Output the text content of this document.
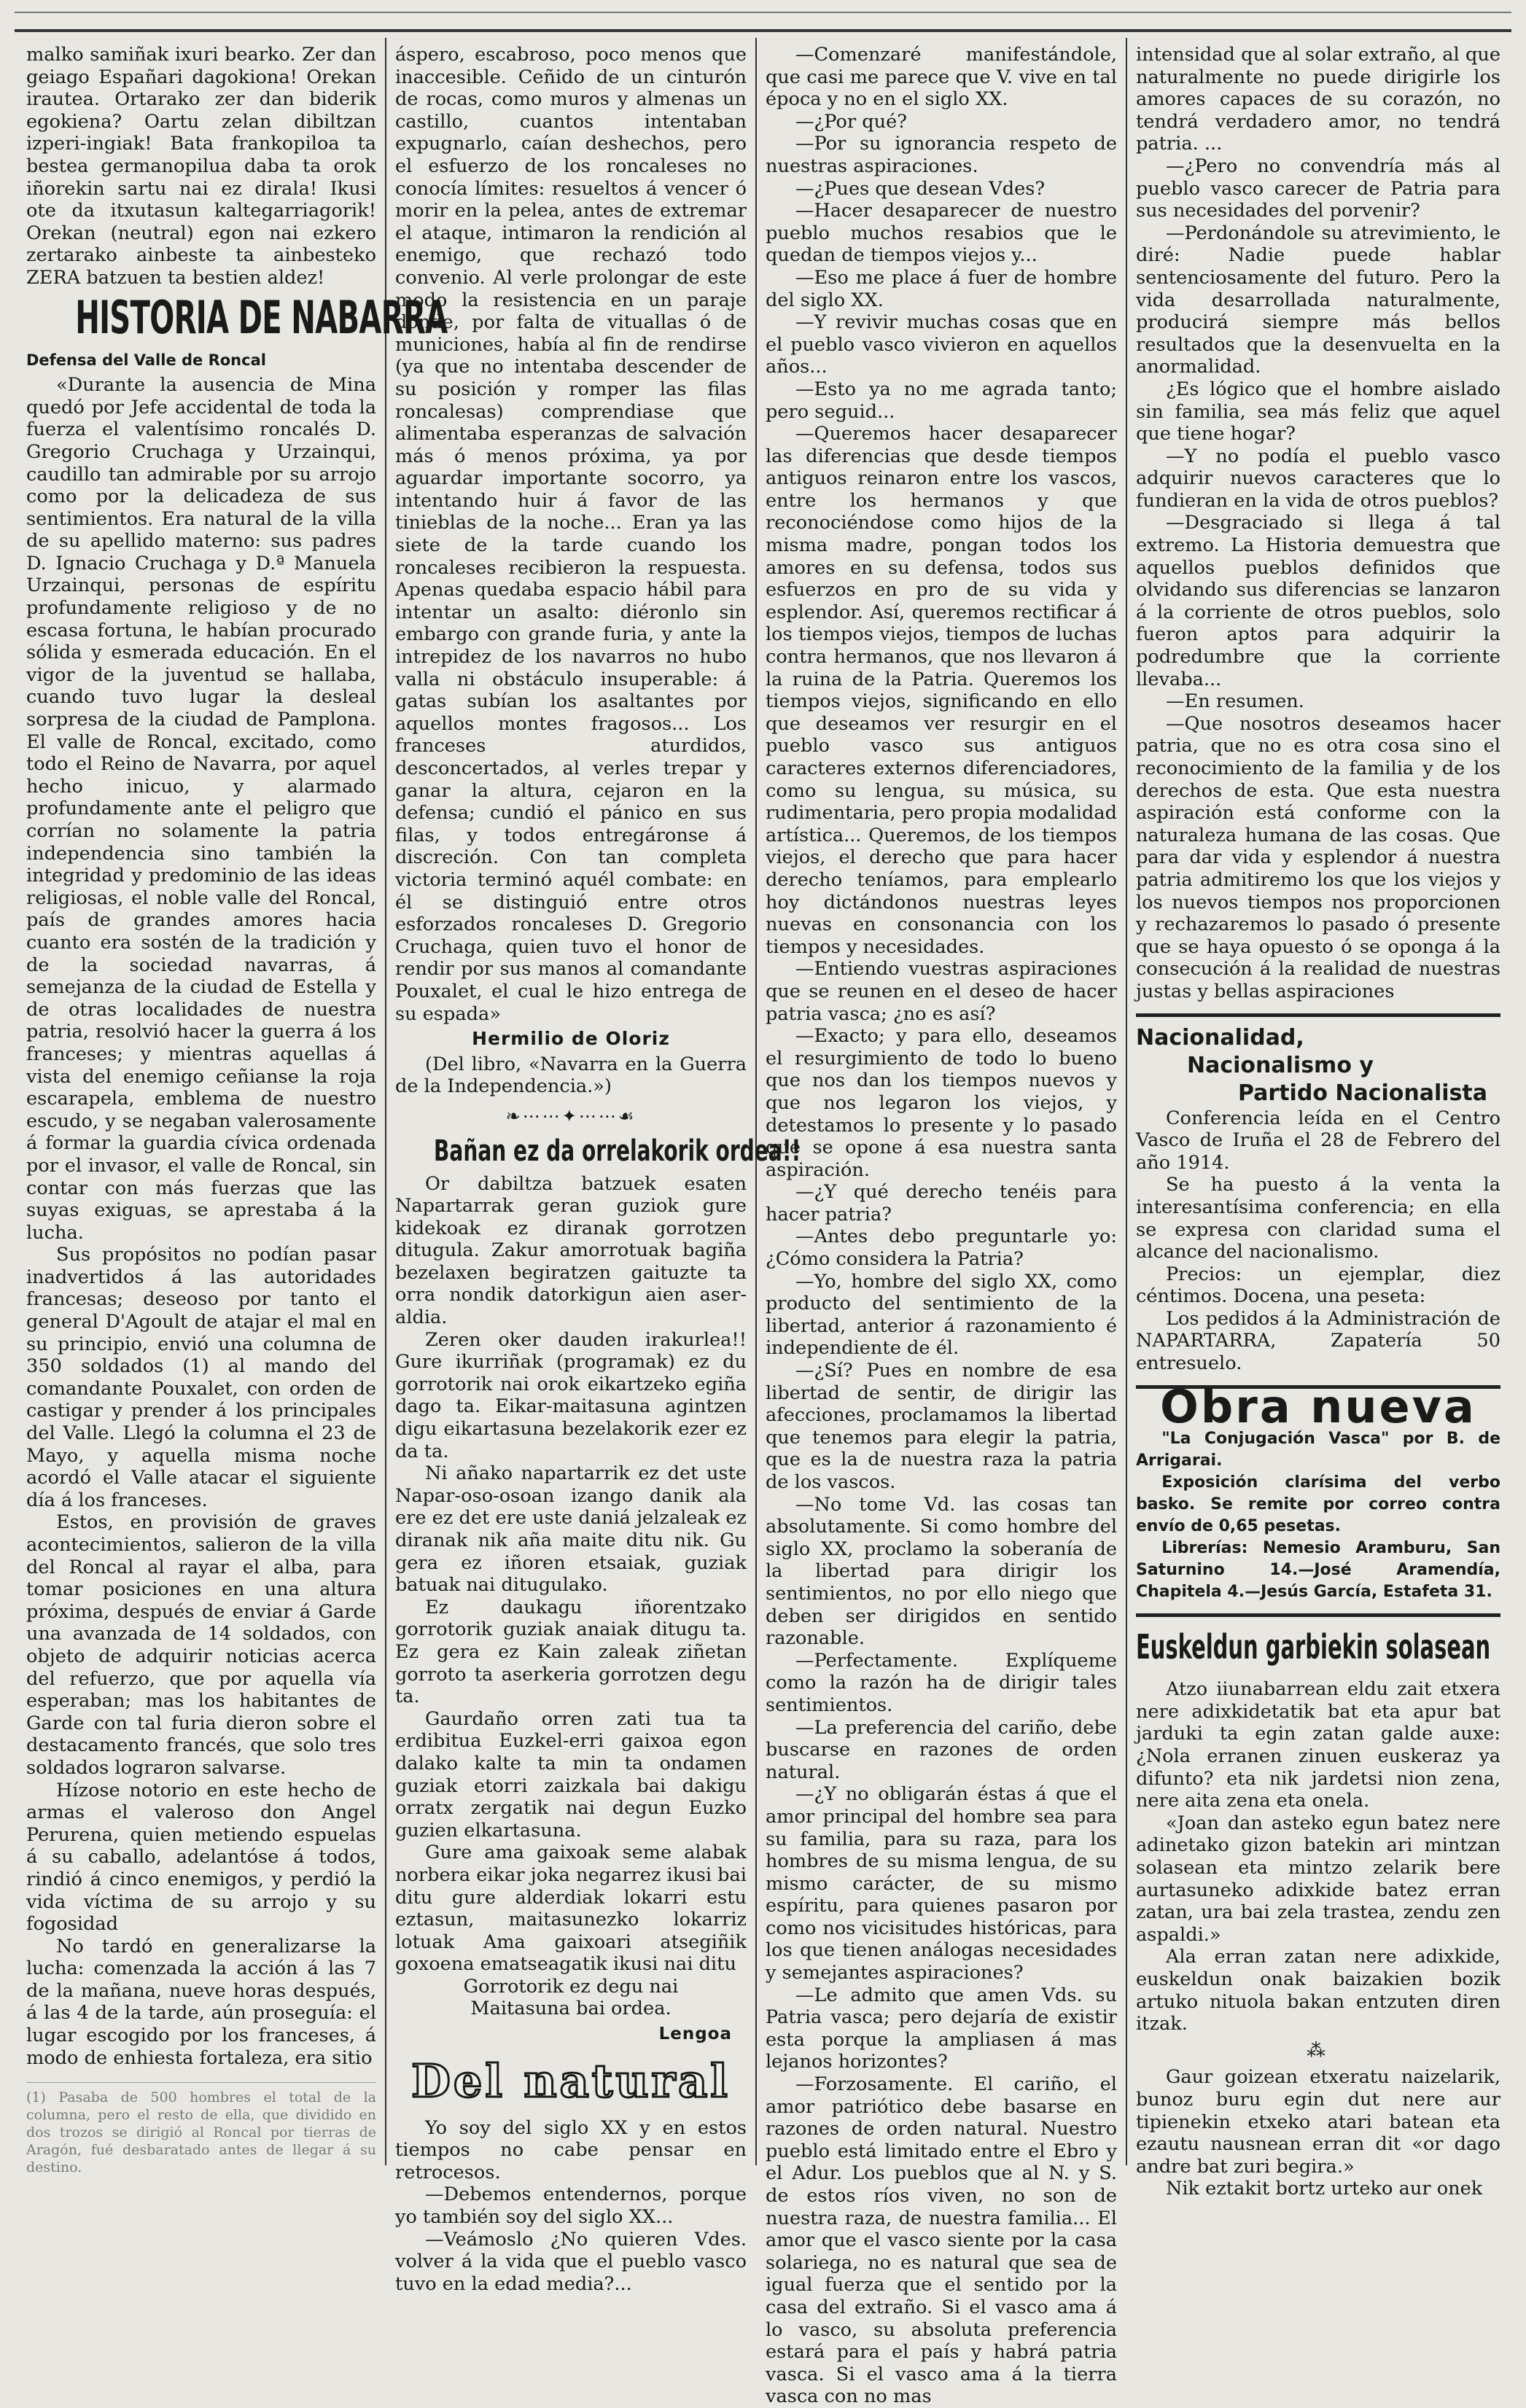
malko samiñak ixuri bearko. Zer dan geiago Españari dagokiona! Orekan irautea. Ortarako zer dan biderik egokiena? Oartu zelan dibiltzan izperi-ingiak! Bata frankopiloa ta bestea germanopilua daba ta orok iñorekin sartu nai ez dirala! Ikusi ote da itxutasun kaltegarriagorik! Orekan (neutral) egon nai ezkero zertarako ainbeste ta ainbesteko ZERA batzuen ta bestien aldez!

HISTORIA DE NABARRA
Defensa del Valle de Roncal

«Durante la ausencia de Mina quedó por Jefe accidental de toda la fuerza el valentísimo roncalés D. Gregorio Cruchaga y Urzainqui, caudillo tan admirable por su arrojo como por la delicadeza de sus sentimientos. Era natural de la villa de su apellido materno: sus padres D. Ignacio Cruchaga y D.ª Manuela Urzainqui, personas de espíritu profundamente religioso y de no escasa fortuna, le habían procurado sólida y esmerada educación. En el vigor de la juventud se hallaba, cuando tuvo lugar la desleal sorpresa de la ciudad de Pamplona. El valle de Roncal, excitado, como todo el Reino de Navarra, por aquel hecho inicuo, y alarmado profundamente ante el peligro que corrían no solamente la patria independencia sino también la integridad y predominio de las ideas religiosas, el noble valle del Roncal, país de grandes amores hacia cuanto era sostén de la tradición y de la sociedad navarras, á semejanza de la ciudad de Estella y de otras localidades de nuestra patria, resolvió hacer la guerra á los franceses; y mientras aquellas á vista del enemigo ceñianse la roja escarapela, emblema de nuestro escudo, y se negaban valerosamente á formar la guardia cívica ordenada por el invasor, el valle de Roncal, sin contar con más fuerzas que las suyas exiguas, se aprestaba á la lucha.

Sus propósitos no podían pasar inadvertidos á las autoridades francesas; deseoso por tanto el general D'Agoult de atajar el mal en su principio, envió una columna de 350 soldados (1) al mando del comandante Pouxalet, con orden de castigar y prender á los principales del Valle. Llegó la columna el 23 de Mayo, y aquella misma noche acordó el Valle atacar el siguiente día á los franceses.

Estos, en provisión de graves acontecimientos, salieron de la villa del Roncal al rayar el alba, para tomar posiciones en una altura próxima, después de enviar á Garde una avanzada de 14 soldados, con objeto de adquirir noticias acerca del refuerzo, que por aquella vía esperaban; mas los habitantes de Garde con tal furia dieron sobre el destacamento francés, que solo tres soldados lograron salvarse.

Hízose notorio en este hecho de armas el valeroso don Angel Perurena, quien metiendo espuelas á su caballo, adelantóse á todos, rindió á cinco enemigos, y perdió la vida víctima de su arrojo y su fogosidad

No tardó en generalizarse la lucha: comenzada la acción á las 7 de la mañana, nueve horas después, á las 4 de la tarde, aún proseguía: el lugar escogido por los franceses, á modo de enhiesta fortaleza, era sitio

(1) Pasaba de 500 hombres el total de la columna, pero el resto de ella, que dividido en dos trozos se dirigió al Roncal por tierras de Aragón, fué desbaratado antes de llegar á su destino.

áspero, escabroso, poco menos que inaccesible. Ceñido de un cinturón de rocas, como muros y almenas un castillo, cuantos intentaban expugnarlo, caían deshechos, pero el esfuerzo de los roncaleses no conocía límites: resueltos á vencer ó morir en la pelea, antes de extremar el ataque, intimaron la rendición al enemigo, que rechazó todo convenio. Al verle prolongar de este modo la resistencia en un paraje donde, por falta de vituallas ó de municiones, había al fin de rendirse (ya que no intentaba descender de su posición y romper las filas roncalesas) comprendiase que alimentaba esperanzas de salvación más ó menos próxima, ya por aguardar importante socorro, ya intentando huir á favor de las tinieblas de la noche... Eran ya las siete de la tarde cuando los roncaleses recibieron la respuesta. Apenas quedaba espacio hábil para intentar un asalto: diéronlo sin embargo con grande furia, y ante la intrepidez de los navarros no hubo valla ni obstáculo insuperable: á gatas subían los asaltantes por aquellos montes fragosos... Los franceses aturdidos, desconcertados, al verles trepar y ganar la altura, cejaron en la defensa; cundió el pánico en sus filas, y todos entregáronse á discreción. Con tan completa victoria terminó aquél combate: en él se distinguió entre otros esforzados roncaleses D. Gregorio Cruchaga, quien tuvo el honor de rendir por sus manos al comandante Pouxalet, el cual le hizo entrega de su espada»

Hermilio de Oloriz

(Del libro, «Navarra en la Guerra de la Independencia.»)

❧⋯⋯✦⋯⋯☙
Bañan ez da orrelakorik ordea!!

Or dabiltza batzuek esaten Napartarrak geran guziok gure kidekoak ez diranak gorrotzen ditugula. Zakur amorrotuak bagiña bezelaxen begiratzen gaituzte ta orra nondik datorkigun aien aser-aldia.

Zeren oker dauden irakurlea!! Gure ikurriñak (programak) ez du gorrotorik nai orok eikartzeko egiña dago ta. Eikar-maitasuna agintzen digu eikartasuna bezelakorik ezer ez da ta.

Ni añako napartarrik ez det uste Napar-oso-osoan izango danik ala ere ez det ere uste daniá jelzaleak ez diranak nik aña maite ditu nik. Gu gera ez iñoren etsaiak, guziak batuak nai ditugulako.

Ez daukagu iñorentzako gorrotorik guziak anaiak ditugu ta. Ez gera ez Kain zaleak ziñetan gorroto ta aserkeria gorrotzen degu ta.

Gaurdaño orren zati tua ta erdibitua Euzkel-erri gaixoa egon dalako kalte ta min ta ondamen guziak etorri zaizkala bai dakigu orratx zergatik nai degun Euzko guzien elkartasuna.

Gure ama gaixoak seme alabak norbera eikar joka negarrez ikusi bai ditu gure alderdiak lokarri estu eztasun, maitasunezko lokarriz lotuak Ama gaixoari atsegiñik goxoena ematseagatik ikusi nai ditu

Gorrotorik ez degu nai

Maitasuna bai ordea.

Lengoa
Del natural

Yo soy del siglo XX y en estos tiempos no cabe pensar en retrocesos.

—Debemos entendernos, porque yo también soy del siglo XX...

—Veámoslo ¿No quieren Vdes. volver á la vida que el pueblo vasco tuvo en la edad media?...

—Comenzaré manifestándole, que casi me parece que V. vive en tal época y no en el siglo XX.

—¿Por qué?

—Por su ignorancia respeto de nuestras aspiraciones.

—¿Pues que desean Vdes?

—Hacer desaparecer de nuestro pueblo muchos resabios que le quedan de tiempos viejos y...

—Eso me place á fuer de hombre del siglo XX.

—Y revivir muchas cosas que en el pueblo vasco vivieron en aquellos años...

—Esto ya no me agrada tanto; pero seguid...

—Queremos hacer desaparecer las diferencias que desde tiempos antiguos reinaron entre los vascos, entre los hermanos y que reconociéndose como hijos de la misma madre, pongan todos los amores en su defensa, todos sus esfuerzos en pro de su vida y esplendor. Así, queremos rectificar á los tiempos viejos, tiempos de luchas contra hermanos, que nos llevaron á la ruina de la Patria. Queremos los tiempos viejos, significando en ello que deseamos ver resurgir en el pueblo vasco sus antiguos caracteres externos diferenciadores, como su lengua, su música, su rudimentaria, pero propia modalidad artística... Queremos, de los tiempos viejos, el derecho que para hacer derecho teníamos, para emplearlo hoy dictándonos nuestras leyes nuevas en consonancia con los tiempos y necesidades.

—Entiendo vuestras aspiraciones que se reunen en el deseo de hacer patria vasca; ¿no es así?

—Exacto; y para ello, deseamos el resurgimiento de todo lo bueno que nos dan los tiempos nuevos y que nos legaron los viejos, y detestamos lo presente y lo pasado que se opone á esa nuestra santa aspiración.

—¿Y qué derecho tenéis para hacer patria?

—Antes debo preguntarle yo: ¿Cómo considera la Patria?

—Yo, hombre del siglo XX, como producto del sentimiento de la libertad, anterior á razonamiento é independiente de él.

—¿Sí? Pues en nombre de esa libertad de sentir, de dirigir las afecciones, proclamamos la libertad que tenemos para elegir la patria, que es la de nuestra raza la patria de los vascos.

—No tome Vd. las cosas tan absolutamente. Si como hombre del siglo XX, proclamo la soberanía de la libertad para dirigir los sentimientos, no por ello niego que deben ser dirigidos en sentido razonable.

—Perfectamente. Explíqueme como la razón ha de dirigir tales sentimientos.

—La preferencia del cariño, debe buscarse en razones de orden natural.

—¿Y no obligarán éstas á que el amor principal del hombre sea para su familia, para su raza, para los hombres de su misma lengua, de su mismo carácter, de su mismo espíritu, para quienes pasaron por como nos vicisitudes históricas, para los que tienen análogas necesidades y semejantes aspiraciones?

—Le admito que amen Vds. su Patria vasca; pero dejaría de existir esta porque la ampliasen á mas lejanos horizontes?

—Forzosamente. El cariño, el amor patriótico debe basarse en razones de orden natural. Nuestro pueblo está limitado entre el Ebro y el Adur. Los pueblos que al N. y S. de estos ríos viven, no son de nuestra raza, de nuestra familia... El amor que el vasco siente por la casa solariega, no es natural que sea de igual fuerza que el sentido por la casa del extraño. Si el vasco ama á lo vasco, su absoluta preferencia estará para el país y habrá patria vasca. Si el vasco ama á la tierra vasca con no mas

intensidad que al solar extraño, al que naturalmente no puede dirigirle los amores capaces de su corazón, no tendrá verdadero amor, no tendrá patria. ...

—¿Pero no convendría más al pueblo vasco carecer de Patria para sus necesidades del porvenir?

—Perdonándole su atrevimiento, le diré: Nadie puede hablar sentenciosamente del futuro. Pero la vida desarrollada naturalmente, producirá siempre más bellos resultados que la desenvuelta en la anormalidad.

¿Es lógico que el hombre aislado sin familia, sea más feliz que aquel que tiene hogar?

—Y no podía el pueblo vasco adquirir nuevos caracteres que lo fundieran en la vida de otros pueblos?

—Desgraciado si llega á tal extremo. La Historia demuestra que aquellos pueblos definidos que olvidando sus diferencias se lanzaron á la corriente de otros pueblos, solo fueron aptos para adquirir la podredumbre que la corriente llevaba...

—En resumen.

—Que nosotros deseamos hacer patria, que no es otra cosa sino el reconocimiento de la familia y de los derechos de esta. Que esta nuestra aspiración está conforme con la naturaleza humana de las cosas. Que para dar vida y esplendor á nuestra patria admitiremo los que los viejos y los nuevos tiempos nos proporcionen y rechazaremos lo pasado ó presente que se haya opuesto ó se oponga á la consecución á la realidad de nuestras justas y bellas aspiraciones

Nacionalidad,
Nacionalismo y
Partido Nacionalista

Conferencia leída en el Centro Vasco de Iruña el 28 de Febrero del año 1914.

Se ha puesto á la venta la interesantísima conferencia; en ella se expresa con claridad suma el alcance del nacionalismo.

Precios: un ejemplar, diez céntimos. Docena, una peseta:

Los pedidos á la Administración de NAPARTARRA, Zapatería 50 entresuelo.

Obra nueva

"La Conjugación Vasca" por B. de Arrigarai.

Exposición clarísima del verbo basko. Se remite por correo contra envío de 0,65 pesetas.

Librerías: Nemesio Aramburu, San Saturnino 14.—José Aramendía, Chapitela 4.—Jesús García, Estafeta 31.

Euskeldun garbiekin solasean

Atzo iiunabarrean eldu zait etxera nere adixkidetatik bat eta apur bat jarduki ta egin zatan galde auxe: ¿Nola erranen zinuen euskeraz ya difunto? eta nik jardetsi nion zena, nere aita zena eta onela.

«Joan dan asteko egun batez nere adinetako gizon batekin ari mintzan solasean eta mintzo zelarik bere aurtasuneko adixkide batez erran zatan, ura bai zela trastea, zendu zen aspaldi.»

Ala erran zatan nere adixkide, euskeldun onak baizakien bozik artuko nituola bakan entzuten diren itzak.

⁂

Gaur goizean etxeratu naizelarik, bunoz buru egin dut nere aur tipienekin etxeko atari batean eta ezautu nausnean erran dit «or dago andre bat zuri begira.»

Nik eztakit bortz urteko aur onek
